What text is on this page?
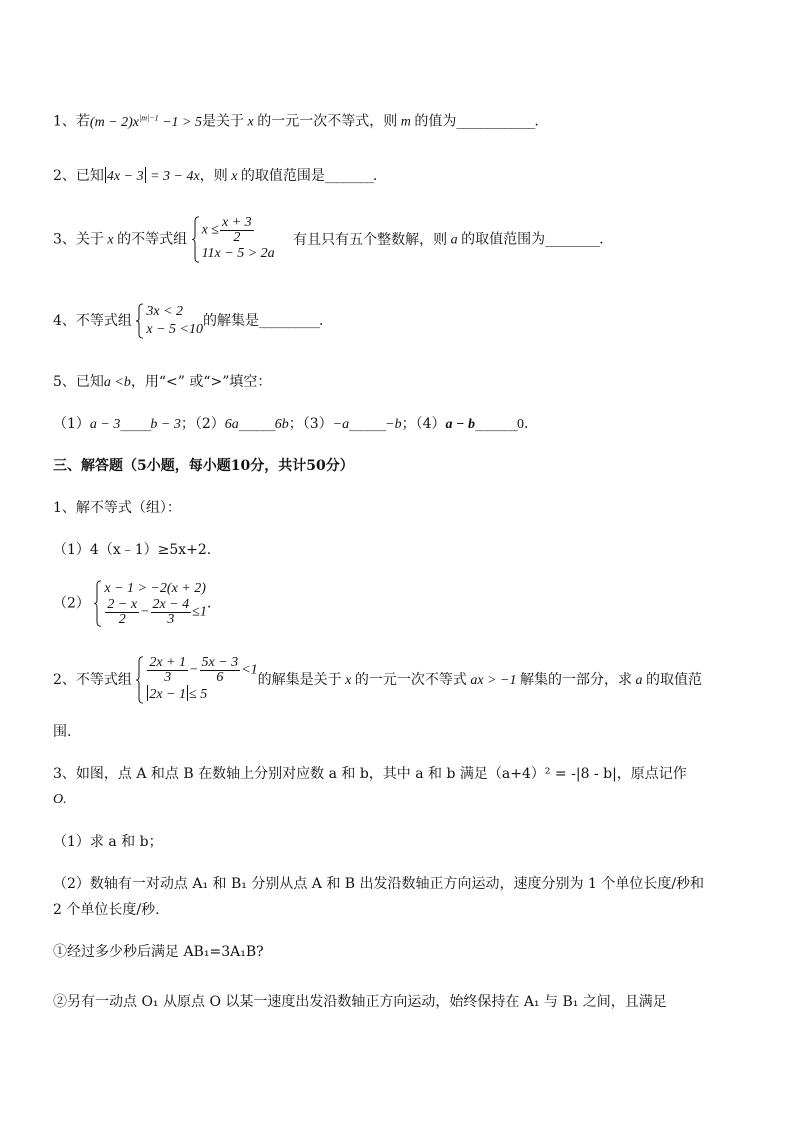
1、若$(m - 2)x^{|m|-1} -1 > 5$是关于 x 的一元一次不等式，则 m 的值为_____________.
2、已知 4x − 3 = 3 − 4x，则 x 的取值范围是________.
3、关于 x 的不等式组
$x \le \frac{x + 3}{2}$
11x − 5 > 2a
有且只有五个整数解，则 a 的取值范围为_________.
4、不等式组
3x < 2
x − 5 <10
的解集是__________.
5、已知a <b，用“<” 或“>”填空：
（1）a − 3_____b − 3；（2）6a______6b；（3）−a______−b；（4）a − b_______0.
三、解答题（5小题，每小题10分，共计50分）
1、解不等式（组）：
（1）4（x﹣1）≥5x+2.
（2）
x − 1 > −2(x + 2)
$\frac{2 - x}{2} - \frac{2x - 4}{3} \le 1$
.
2、不等式组 $\frac{2x + 1}{3} - \frac{5x - 3}{6} <1$
2x − 1 ≤ 5
的解集是关于 x 的一元一次不等式 ax > −1 解集的一部分，求 a 的取值范
围.
3、如图，点 A 和点 B 在数轴上分别对应数 a 和 b，其中 a 和 b 满足（a+4）² = -|8 - b|，原点记作
O.
（1）求 a 和 b；
（2）数轴有一对动点 A₁ 和 B₁ 分别从点 A 和 B 出发沿数轴正方向运动，速度分别为 1 个单位长度/秒和
2 个单位长度/秒.
①经过多少秒后满足 AB₁=3A₁B?
②另有一动点 O₁ 从原点 O 以某一速度出发沿数轴正方向运动，始终保持在 A₁ 与 B₁ 之间，且满足
